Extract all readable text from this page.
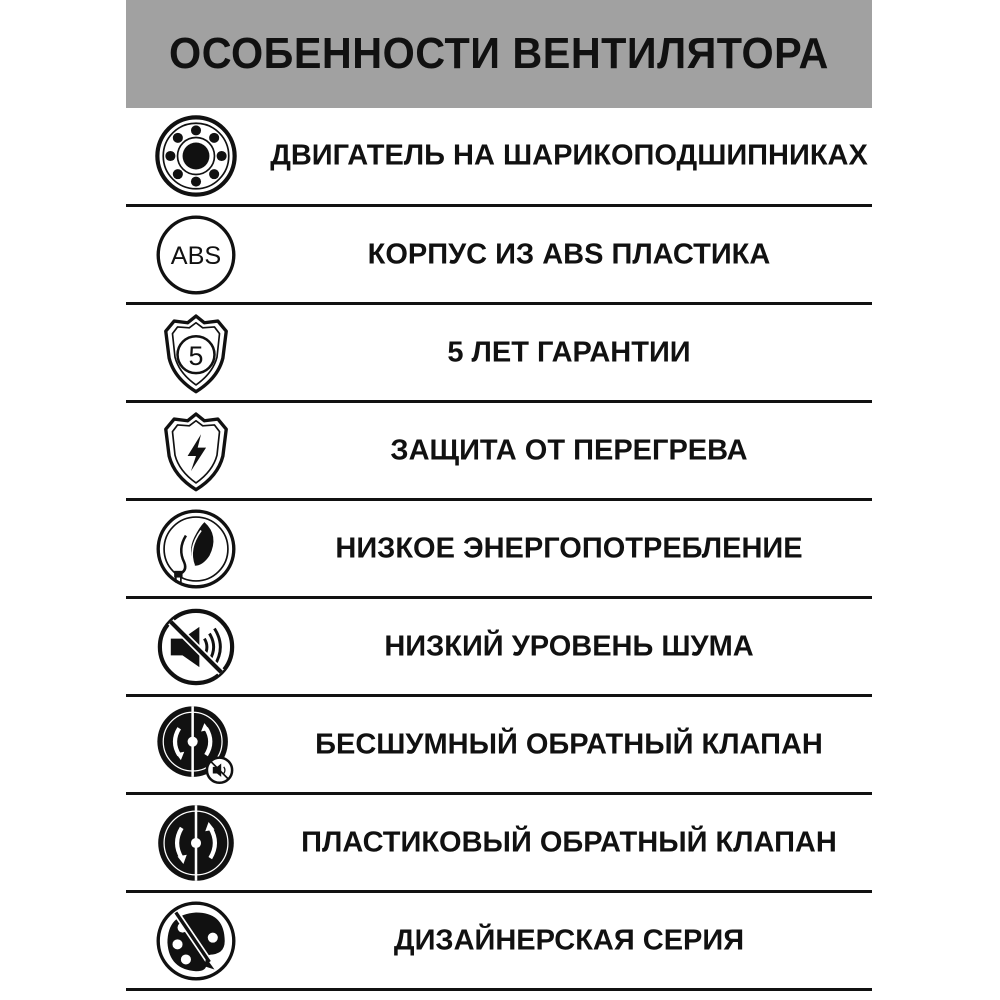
ОСОБЕННОСТИ ВЕНТИЛЯТОРА
ДВИГАТЕЛЬ НА ШАРИКОПОДШИПНИКАХ
ABS	КОРПУС ИЗ ABS ПЛАСТИКА
5	5 ЛЕТ ГАРАНТИИ
ЗАЩИТА ОТ ПЕРЕГРЕВА
НИЗКОЕ ЭНЕРГОПОТРЕБЛЕНИЕ
НИЗКИЙ УРОВЕНЬ ШУМА
БЕСШУМНЫЙ ОБРАТНЫЙ КЛАПАН
ПЛАСТИКОВЫЙ ОБРАТНЫЙ КЛАПАН
ДИЗАЙНЕРСКАЯ СЕРИЯ
